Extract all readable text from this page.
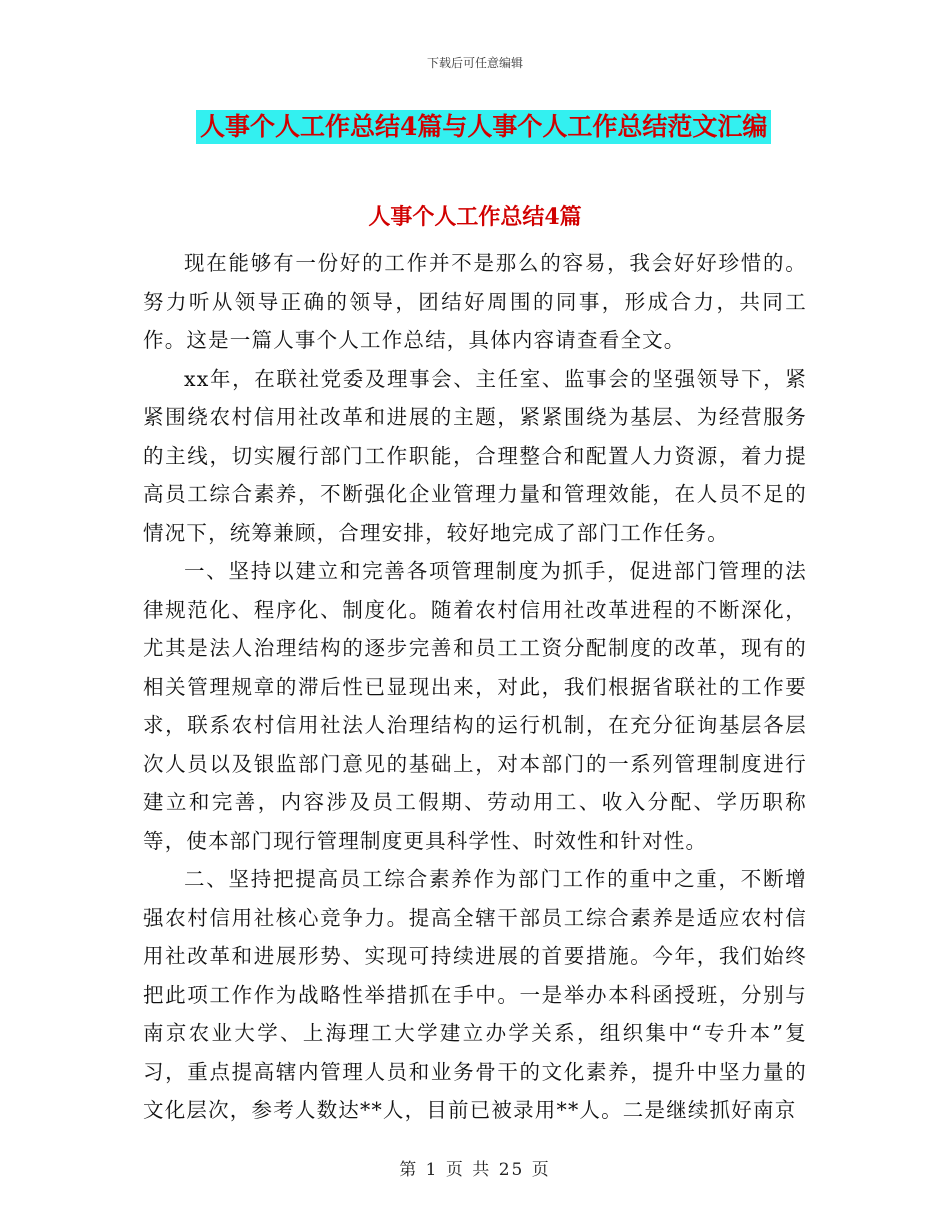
下载后可任意编辑
人事个人工作总结4篇与人事个人工作总结范文汇编
人事个人工作总结4篇

现在能够有一份好的工作并不是那么的容易，我会好好珍惜的。努力听从领导正确的领导，团结好周围的同事，形成合力，共同工作。这是一篇人事个人工作总结，具体内容请查看全文。

xx年，在联社党委及理事会、主任室、监事会的坚强领导下，紧紧围绕农村信用社改革和进展的主题，紧紧围绕为基层、为经营服务的主线，切实履行部门工作职能，合理整合和配置人力资源，着力提高员工综合素养，不断强化企业管理力量和管理效能，在人员不足的情况下，统筹兼顾，合理安排，较好地完成了部门工作任务。

一、坚持以建立和完善各项管理制度为抓手，促进部门管理的法律规范化、程序化、制度化。随着农村信用社改革进程的不断深化，尤其是法人治理结构的逐步完善和员工工资分配制度的改革，现有的相关管理规章的滞后性已显现出来，对此，我们根据省联社的工作要求，联系农村信用社法人治理结构的运行机制，在充分征询基层各层次人员以及银监部门意见的基础上，对本部门的一系列管理制度进行建立和完善，内容涉及员工假期、劳动用工、收入分配、学历职称等，使本部门现行管理制度更具科学性、时效性和针对性。

二、坚持把提高员工综合素养作为部门工作的重中之重，不断增强农村信用社核心竞争力。提高全辖干部员工综合素养是适应农村信用社改革和进展形势、实现可持续进展的首要措施。今年，我们始终把此项工作作为战略性举措抓在手中。一是举办本科函授班，分别与南京农业大学、上海理工大学建立办学关系，组织集中“专升本”复习，重点提高辖内管理人员和业务骨干的文化素养，提升中坚力量的文化层次，参考人数达**人，目前已被录用**人。二是继续抓好南京

第 1 页 共 25 页
